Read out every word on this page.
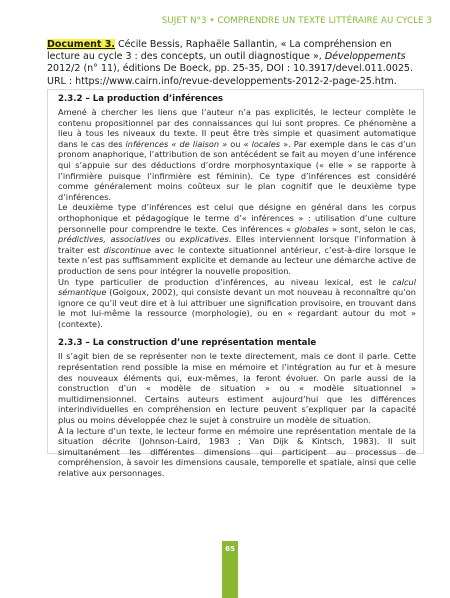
SUJET N°3 • COMPRENDRE UN TEXTE LITTÉRAIRE AU CYCLE 3
Document 3. Cécile Bessis, Raphaële Sallantin, « La compréhension en lecture au cycle 3 : des concepts, un outil diagnostique », Développements 2012/2 (n° 11), éditions De Boeck, pp. 25-35, DOI : 10.3917/devel.011.0025. URL : https://www.cairn.info/revue-developpements-2012-2-page-25.htm.
2.3.2 – La production d’inférences

Amené à chercher les liens que l’auteur n’a pas explicités, le lecteur complète le contenu propositionnel par des connaissances qui lui sont propres. Ce phénomène a lieu à tous les niveaux du texte. Il peut être très simple et quasiment automatique dans le cas des inférences « de liaison » ou « locales ». Par exemple dans le cas d’un pronom anaphorique, l’attribution de son antécédent se fait au moyen d’une inférence qui s’appuie sur des déductions d’ordre morphosyntaxique (« elle » se rapporte à l’infirmière puisque l’infirmière est féminin). Ce type d’inférences est considéré comme généralement moins coûteux sur le plan cognitif que le deuxième type d’inférences.

Le deuxième type d’inférences est celui que désigne en général dans les corpus orthophonique et pédagogique le terme d’« inférences » : utilisation d’une culture personnelle pour comprendre le texte. Ces inférences « globales » sont, selon le cas, prédictives, associatives ou explicatives. Elles interviennent lorsque l’information à traiter est discontinue avec le contexte situationnel antérieur, c’est-à-dire lorsque le texte n’est pas suffisamment explicite et demande au lecteur une démarche active de production de sens pour intégrer la nouvelle proposition.

Un type particulier de production d’inférences, au niveau lexical, est le calcul sémantique (Goigoux, 2002), qui consiste devant un mot nouveau à reconnaître qu’on ignore ce qu’il veut dire et à lui attribuer une signification provisoire, en trouvant dans le mot lui-même la ressource (morphologie), ou en « regardant autour du mot » (contexte).

2.3.3 – La construction d’une représentation mentale

Il s’agit bien de se représenter non le texte directement, mais ce dont il parle. Cette représentation rend possible la mise en mémoire et l’intégration au fur et à mesure des nouveaux éléments qui, eux-mêmes, la feront évoluer. On parle aussi de la construction d’un « modèle de situation » ou « modèle situationnel » multidimensionnel. Certains auteurs estiment aujourd’hui que les différences interindividuelles en compréhension en lecture peuvent s’expliquer par la capacité plus ou moins développée chez le sujet à construire un modèle de situation.

À la lecture d’un texte, le lecteur forme en mémoire une représentation mentale de la situation décrite (Johnson-Laird, 1983 ; Van Dijk & Kintsch, 1983). Il suit simultanément les différentes dimensions qui participent au processus de compréhension, à savoir les dimensions causale, temporelle et spatiale, ainsi que celle relative aux personnages.

65
